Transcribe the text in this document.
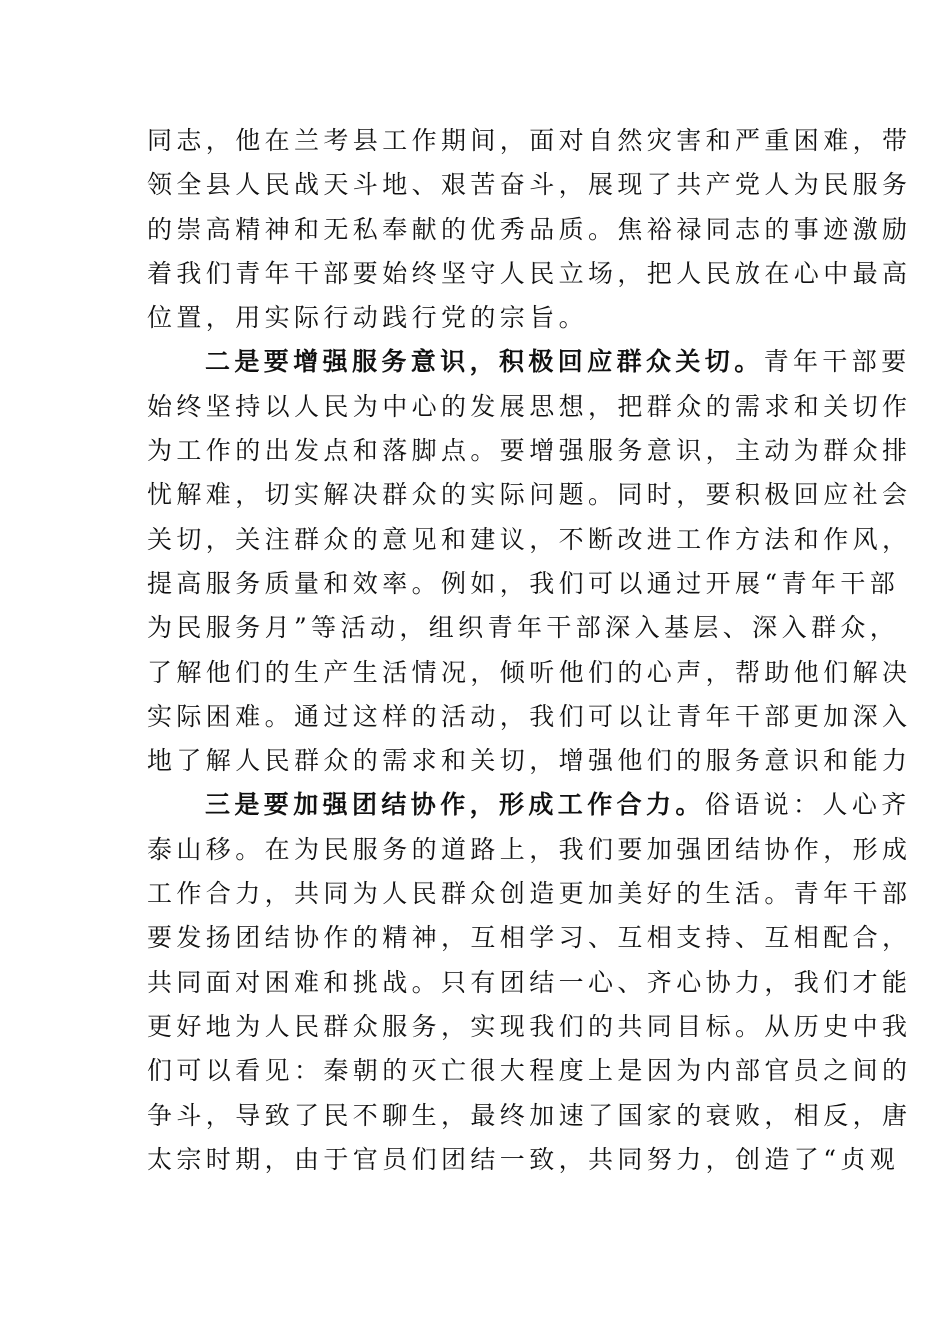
同志，他在兰考县工作期间，面对自然灾害和严重困难，带
领全县人民战天斗地、艰苦奋斗，展现了共产党人为民服务
的崇高精神和无私奉献的优秀品质。焦裕禄同志的事迹激励
着我们青年干部要始终坚守人民立场，把人民放在心中最高
位置，用实际行动践行党的宗旨。
二是要增强服务意识，积极回应群众关切。青年干部要
始终坚持以人民为中心的发展思想，把群众的需求和关切作
为工作的出发点和落脚点。要增强服务意识，主动为群众排
忧解难，切实解决群众的实际问题。同时，要积极回应社会
关切，关注群众的意见和建议，不断改进工作方法和作风，
提高服务质量和效率。例如，我们可以通过开展“青年干部
为民服务月”等活动，组织青年干部深入基层、深入群众，
了解他们的生产生活情况，倾听他们的心声，帮助他们解决
实际困难。通过这样的活动，我们可以让青年干部更加深入
地了解人民群众的需求和关切，增强他们的服务意识和能力
三是要加强团结协作，形成工作合力。俗语说：人心齐
泰山移。在为民服务的道路上，我们要加强团结协作，形成
工作合力，共同为人民群众创造更加美好的生活。青年干部
要发扬团结协作的精神，互相学习、互相支持、互相配合，
共同面对困难和挑战。只有团结一心、齐心协力，我们才能
更好地为人民群众服务，实现我们的共同目标。从历史中我
们可以看见：秦朝的灭亡很大程度上是因为内部官员之间的
争斗，导致了民不聊生，最终加速了国家的衰败，相反，唐
太宗时期，由于官员们团结一致，共同努力，创造了“贞观
